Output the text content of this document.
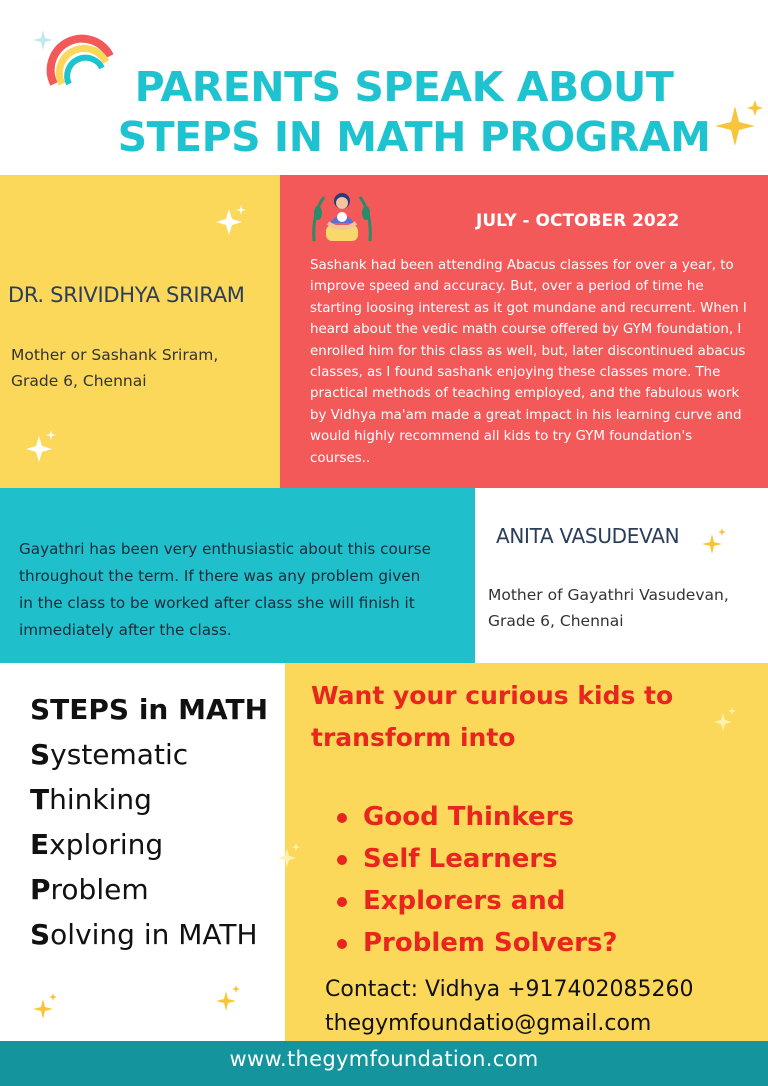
PARENTS SPEAK ABOUT
STEPS IN MATH PROGRAM
DR. SRIVIDHYA SRIRAM
Mother or Sashank Sriram,
Grade 6, Chennai
JULY - OCTOBER 2022
Sashank had been attending Abacus classes for over a year, to
improve speed and accuracy. But, over a period of time he
starting loosing interest as it got mundane and recurrent. When I
heard about the vedic math course offered by GYM foundation, I
enrolled him for this class as well, but, later discontinued abacus
classes, as I found sashank enjoying these classes more. The
practical methods of teaching employed, and the fabulous work
by Vidhya ma'am made a great impact in his learning curve and
would highly recommend all kids to try GYM foundation's
courses..
Gayathri has been very enthusiastic about this course
throughout the term. If there was any problem given
in the class to be worked after class she will finish it
immediately after the class.
ANITA VASUDEVAN
Mother of Gayathri Vasudevan,
Grade 6, Chennai
STEPS in MATH
Systematic
Thinking
Exploring
Problem
Solving in MATH
Want your curious kids to
transform into
Good Thinkers
Self Learners
Explorers and
Problem Solvers?
Contact: Vidhya +917402085260
thegymfoundatio@gmail.com
www.thegymfoundation.com
